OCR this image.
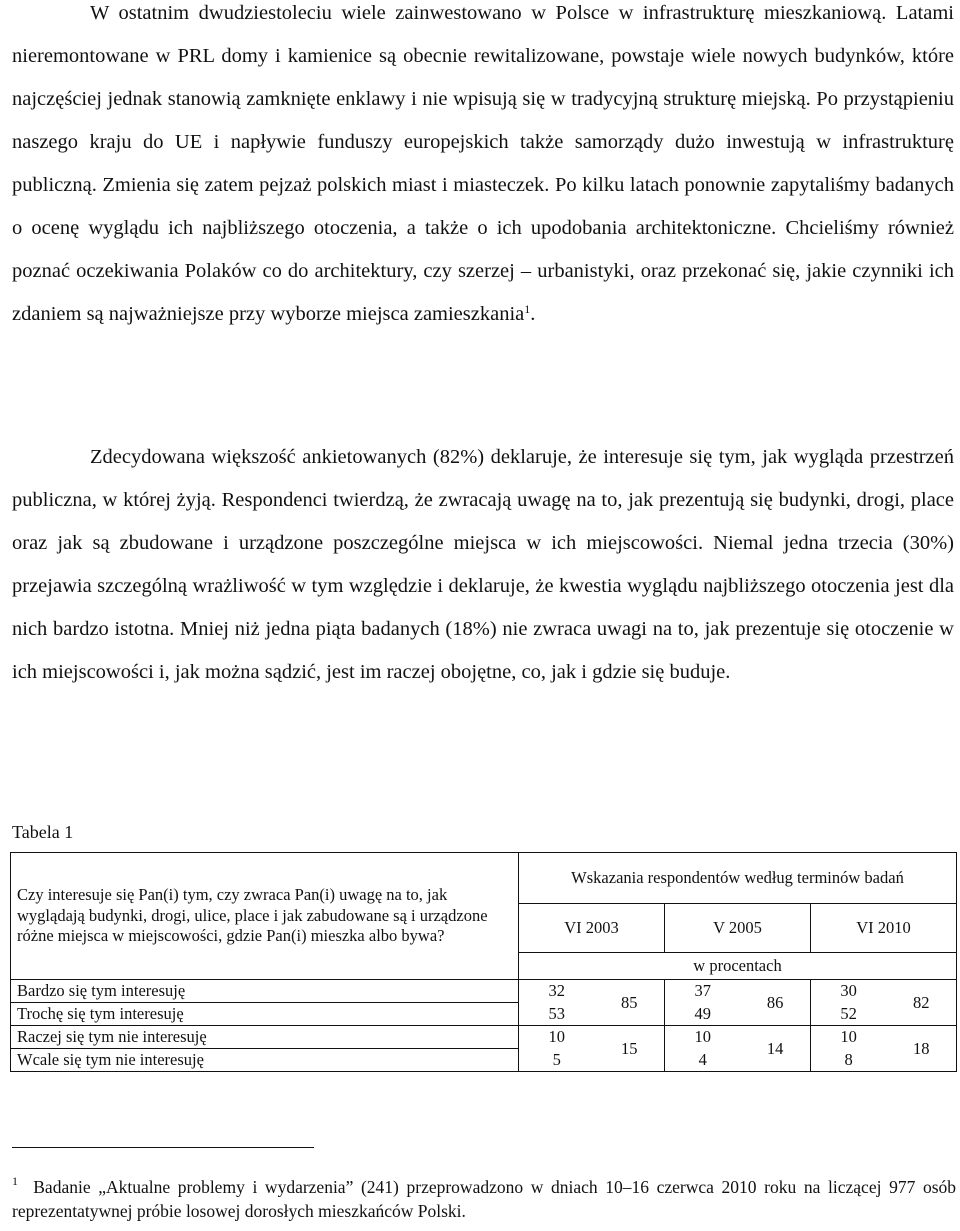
W ostatnim dwudziestoleciu wiele zainwestowano w Polsce w infrastrukturę mieszkaniową. Latami nieremontowane w PRL domy i kamienice są obecnie rewitalizowane, powstaje wiele nowych budynków, które najczęściej jednak stanowią zamknięte enklawy i nie wpisują się w tradycyjną strukturę miejską. Po przystąpieniu naszego kraju do UE i napływie funduszy europejskich także samorządy dużo inwestują w infrastrukturę publiczną. Zmienia się zatem pejzaż polskich miast i miasteczek. Po kilku latach ponownie zapytaliśmy badanych o ocenę wyglądu ich najbliższego otoczenia, a także o ich upodobania architektoniczne. Chcieliśmy również poznać oczekiwania Polaków co do architektury, czy szerzej – urbanistyki, oraz przekonać się, jakie czynniki ich zdaniem są najważniejsze przy wyborze miejsca zamieszkania$^1$.

Zdecydowana większość ankietowanych (82%) deklaruje, że interesuje się tym, jak wygląda przestrzeń publiczna, w której żyją. Respondenci twierdzą, że zwracają uwagę na to, jak prezentują się budynki, drogi, place oraz jak są zbudowane i urządzone poszczególne miejsca w ich miejscowości. Niemal jedna trzecia (30%) przejawia szczególną wrażliwość w tym względzie i deklaruje, że kwestia wyglądu najbliższego otoczenia jest dla nich bardzo istotna. Mniej niż jedna piąta badanych (18%) nie zwraca uwagi na to, jak prezentuje się otoczenie w ich miejscowości i, jak można sądzić, jest im raczej obojętne, co, jak i gdzie się buduje.

Tabela 1
Czy interesuje się Pan(i) tym, czy zwraca Pan(i) uwagę na to, jak wyglądają budynki, drogi, ulice, place i jak zabudowane są i urządzone różne miejsca w miejscowości, gdzie Pan(i) mieszka albo bywa?	Wskazania respondentów według terminów badań					
	VI 2003		V 2005		VI 2010	
	w procentach					
Bardzo się tym interesuję	32	85	37	86	30	82
Trochę się tym interesuję	53		49		52	
Raczej się tym nie interesuję	10	15	10	14	10	18
Wcale się tym nie interesuję	5		4		8	

$^1$ Badanie „Aktualne problemy i wydarzenia” (241) przeprowadzono w dniach 10–16 czerwca 2010 roku na liczącej 977 osób reprezentatywnej próbie losowej dorosłych mieszkańców Polski.
